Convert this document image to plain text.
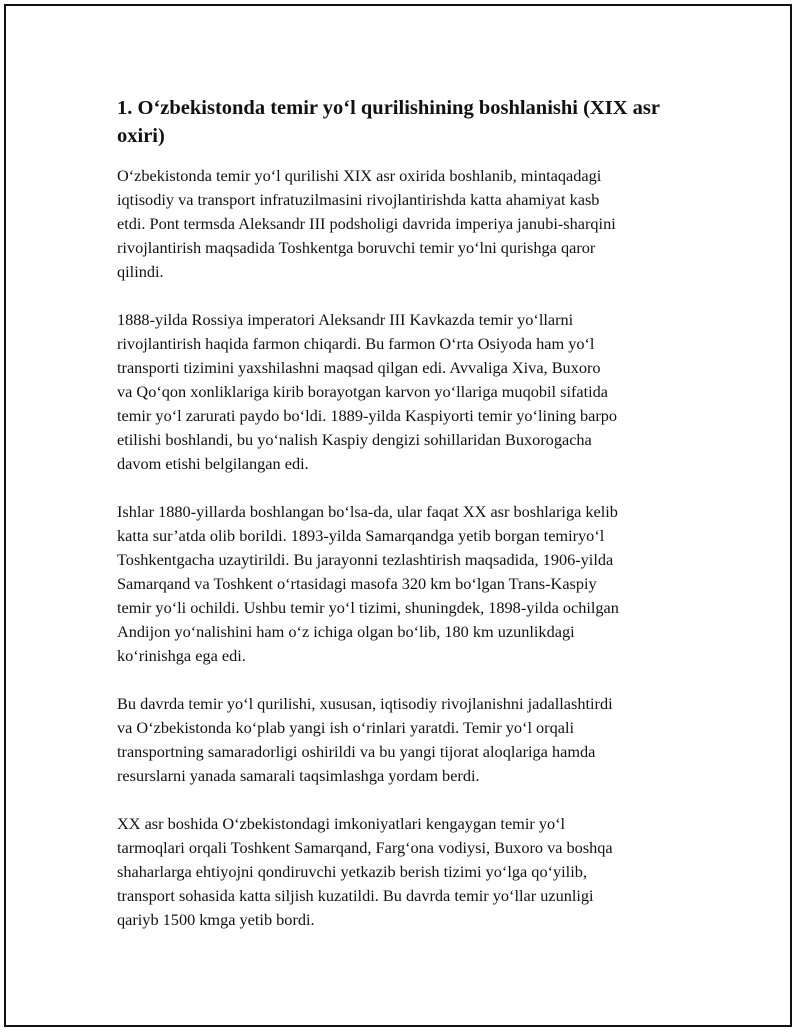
1. O‘zbekistonda temir yo‘l qurilishining boshlanishi (XIX asr
oxiri)

O‘zbekistonda temir yo‘l qurilishi XIX asr oxirida boshlanib, mintaqadagi
iqtisodiy va transport infratuzilmasini rivojlantirishda katta ahamiyat kasb
etdi. Pont termsda Aleksandr III podsholigi davrida imperiya janubi-sharqini
rivojlantirish maqsadida Toshkentga boruvchi temir yo‘lni qurishga qaror
qilindi.

1888-yilda Rossiya imperatori Aleksandr III Kavkazda temir yo‘llarni
rivojlantirish haqida farmon chiqardi. Bu farmon O‘rta Osiyoda ham yo‘l
transporti tizimini yaxshilashni maqsad qilgan edi. Avvaliga Xiva, Buxoro
va Qo‘qon xonliklariga kirib borayotgan karvon yo‘llariga muqobil sifatida
temir yo‘l zarurati paydo bo‘ldi. 1889-yilda Kaspiyorti temir yo‘lining barpo
etilishi boshlandi, bu yo‘nalish Kaspiy dengizi sohillaridan Buxorogacha
davom etishi belgilangan edi.

Ishlar 1880-yillarda boshlangan bo‘lsa-da, ular faqat XX asr boshlariga kelib
katta sur’atda olib borildi. 1893-yilda Samarqandga yetib borgan temiryo‘l
Toshkentgacha uzaytirildi. Bu jarayonni tezlashtirish maqsadida, 1906-yilda
Samarqand va Toshkent o‘rtasidagi masofa 320 km bo‘lgan Trans-Kaspiy
temir yo‘li ochildi. Ushbu temir yo‘l tizimi, shuningdek, 1898-yilda ochilgan
Andijon yo‘nalishini ham o‘z ichiga olgan bo‘lib, 180 km uzunlikdagi
ko‘rinishga ega edi.

Bu davrda temir yo‘l qurilishi, xususan, iqtisodiy rivojlanishni jadallashtirdi
va O‘zbekistonda ko‘plab yangi ish o‘rinlari yaratdi. Temir yo‘l orqali
transportning samaradorligi oshirildi va bu yangi tijorat aloqlariga hamda
resurslarni yanada samarali taqsimlashga yordam berdi.

XX asr boshida O‘zbekistondagi imkoniyatlari kengaygan temir yo‘l
tarmoqlari orqali Toshkent Samarqand, Farg‘ona vodiysi, Buxoro va boshqa
shaharlarga ehtiyojni qondiruvchi yetkazib berish tizimi yo‘lga qo‘yilib,
transport sohasida katta siljish kuzatildi. Bu davrda temir yo‘llar uzunligi
qariyb 1500 kmga yetib bordi.
